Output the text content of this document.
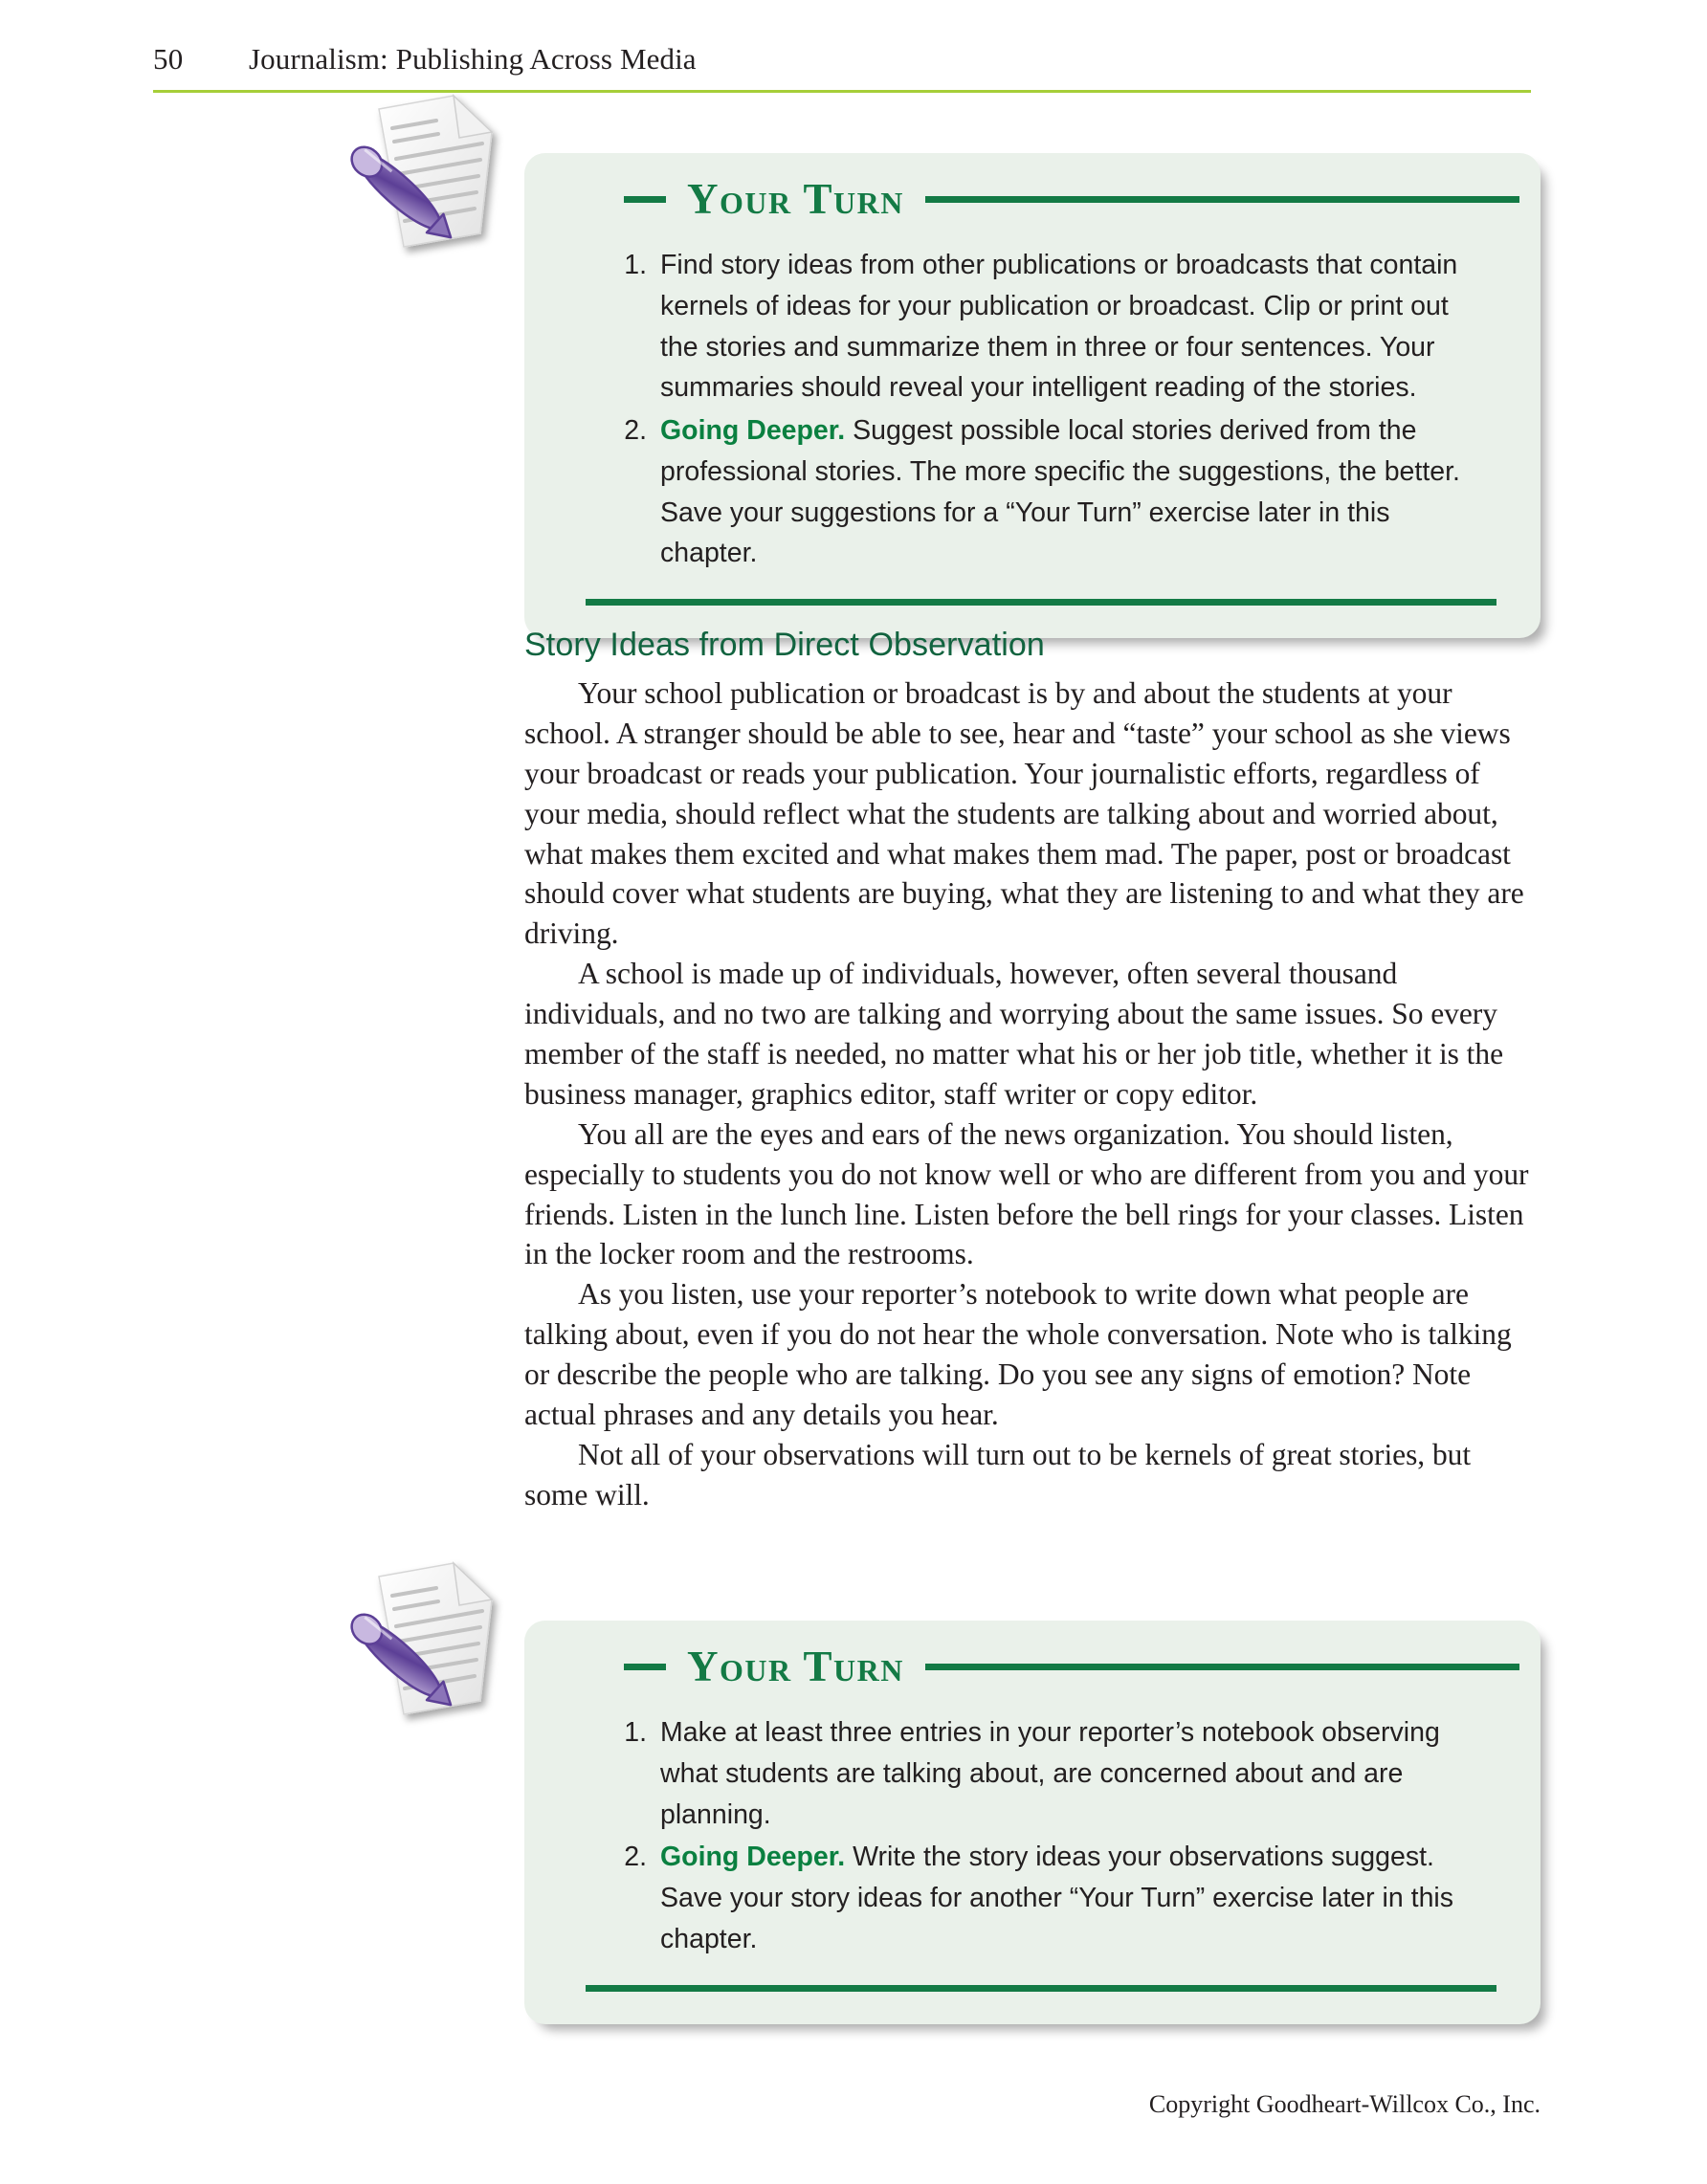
50	Journalism: Publishing Across Media
Your Turn
Find story ideas from other publications or broadcasts that contain kernels of ideas for your publication or broadcast. Clip or print out the stories and summarize them in three or four sentences. Your summaries should reveal your intelligent reading of the stories.
Going Deeper. Suggest possible local stories derived from the professional stories. The more specific the suggestions, the better. Save your suggestions for a “Your Turn” exercise later in this chapter.
Story Ideas from Direct Observation

Your school publication or broadcast is by and about the students at your school. A stranger should be able to see, hear and “taste” your school as she views your broadcast or reads your publication. Your journalistic efforts, regardless of your media, should reflect what the students are talking about and worried about, what makes them excited and what makes them mad. The paper, post or broadcast should cover what students are buying, what they are listening to and what they are driving.

A school is made up of individuals, however, often several thousand individuals, and no two are talking and worrying about the same issues. So every member of the staff is needed, no matter what his or her job title, whether it is the business manager, graphics editor, staff writer or copy editor.

You all are the eyes and ears of the news organization. You should listen, especially to students you do not know well or who are different from you and your friends. Listen in the lunch line. Listen before the bell rings for your classes. Listen in the locker room and the restrooms.

As you listen, use your reporter’s notebook to write down what people are talking about, even if you do not hear the whole conversation. Note who is talking or describe the people who are talking. Do you see any signs of emotion? Note actual phrases and any details you hear.

Not all of your observations will turn out to be kernels of great stories, but some will.

Your Turn
Make at least three entries in your reporter’s notebook observing what students are talking about, are concerned about and are planning.
Going Deeper. Write the story ideas your observations suggest. Save your story ideas for another “Your Turn” exercise later in this chapter.
Copyright Goodheart-Willcox Co., Inc.
